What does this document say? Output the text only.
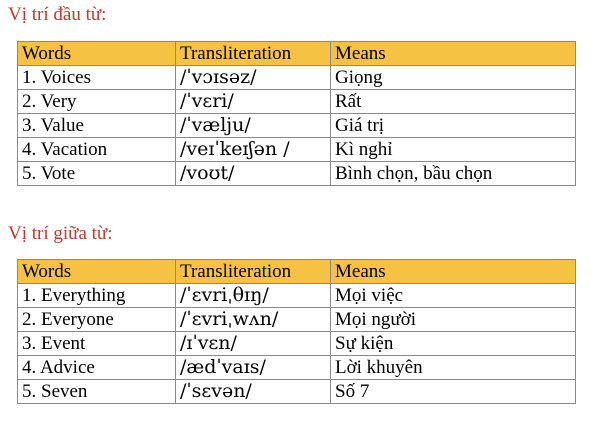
Vị trí đầu từ:
Words	Transliteration	Means
1. Voices	/ˈvɔɪsəz/	Giọng
2. Very	/ˈvɛri/	Rất
3. Value	/ˈvælju/	Giá trị
4. Vacation	/veɪˈkeɪʃən /	Kì nghỉ
5. Vote	/voʊt/	Bình chọn, bầu chọn
Vị trí giữa từ:
Words	Transliteration	Means
1. Everything	/ˈɛvriˌθɪŋ/	Mọi việc
2. Everyone	/ˈɛvriˌwʌn/	Mọi người
3. Event	/ɪˈvɛn/	Sự kiện
4. Advice	/ædˈvaɪs/	Lời khuyên
5. Seven	/ˈsɛvən/	Số 7
